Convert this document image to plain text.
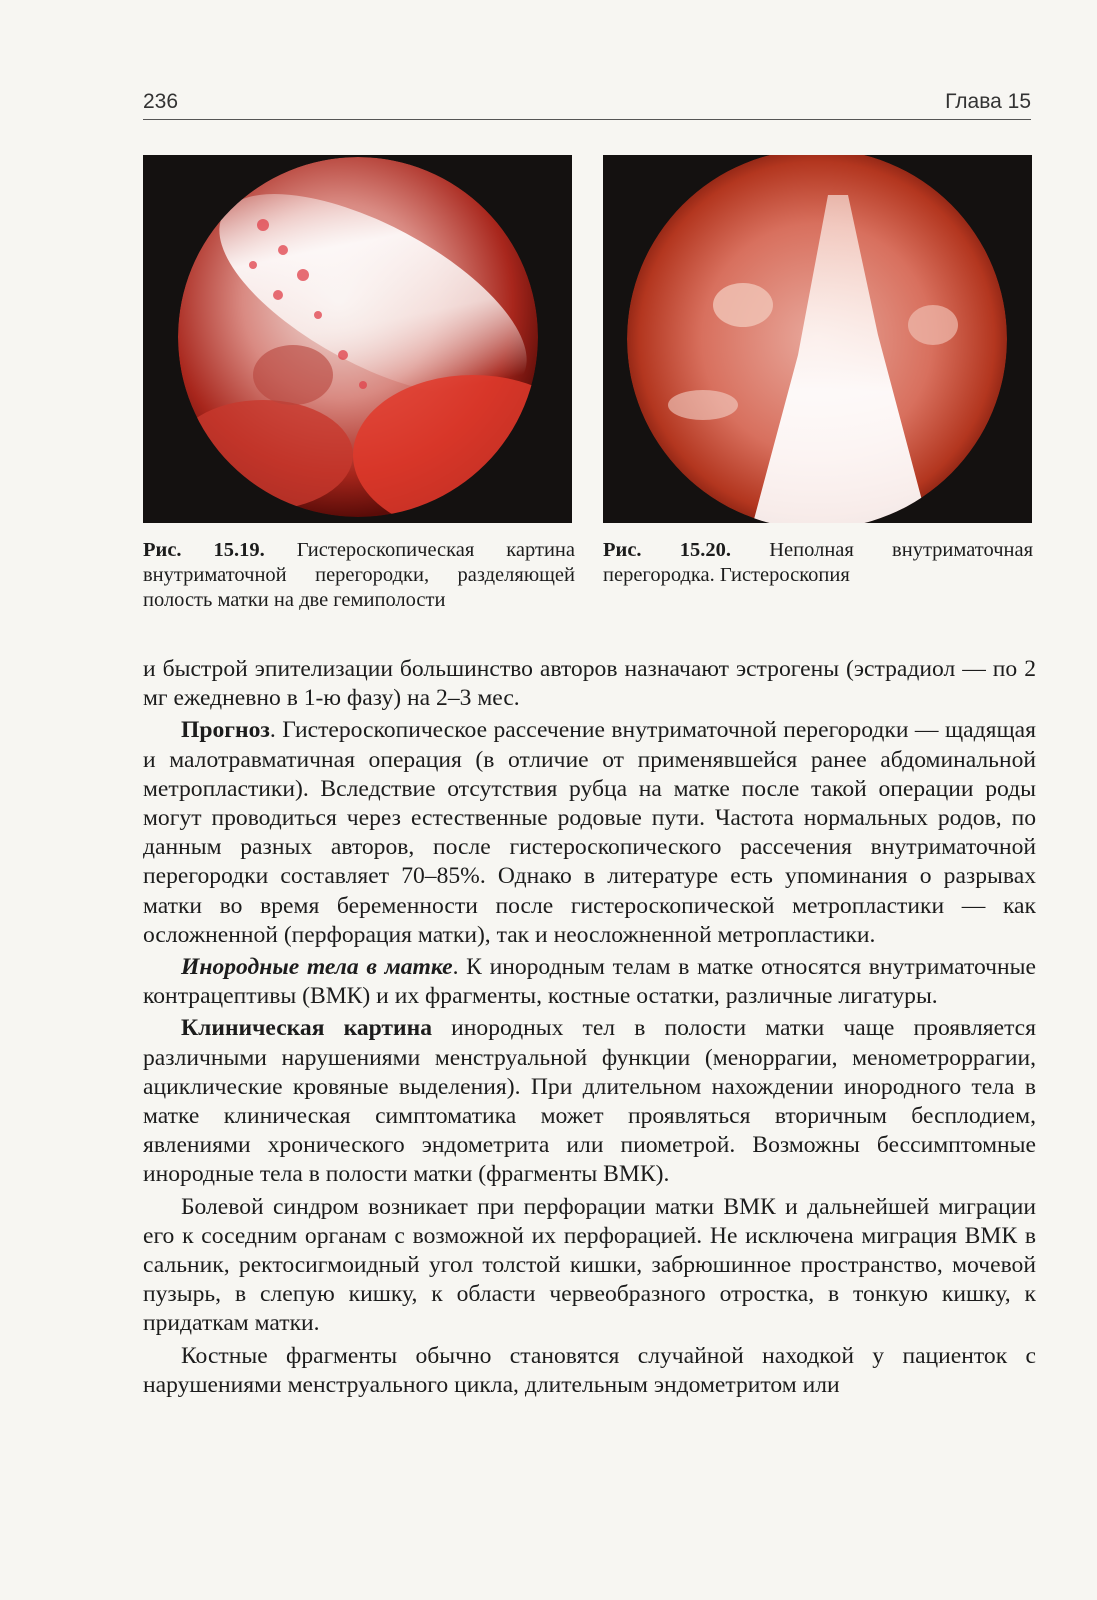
236	Глава 15
Рис. 15.19. Гистероскопическая картина внутриматочной перегородки, разделяющей полость матки на две гемиполости
Рис. 15.20. Неполная внутриматочная перегородка. Гистероскопия

и быстрой эпителизации большинство авторов назначают эстрогены (эстрадиол — по 2 мг ежедневно в 1-ю фазу) на 2–3 мес.

Прогноз. Гистероскопическое рассечение внутриматочной перегородки — щадящая и малотравматичная операция (в отличие от применявшейся ранее абдоминальной метропластики). Вследствие отсутствия рубца на матке после такой операции роды могут проводиться через естественные родовые пути. Частота нормальных родов, по данным разных авторов, после гистероскопического рассечения внутриматочной перегородки составляет 70–85%. Однако в литературе есть упоминания о разрывах матки во время беременности после гистероскопической метропластики — как осложненной (перфорация матки), так и неосложненной метропластики.

Инородные тела в матке. К инородным телам в матке относятся внутриматочные контрацептивы (ВМК) и их фрагменты, костные остатки, различные лигатуры.

Клиническая картина инородных тел в полости матки чаще проявляется различными нарушениями менструальной функции (меноррагии, менометроррагии, ациклические кровяные выделения). При длительном нахождении инородного тела в матке клиническая симптоматика может проявляться вторичным бесплодием, явлениями хронического эндометрита или пиометрой. Возможны бессимптомные инородные тела в полости матки (фрагменты ВМК).

Болевой синдром возникает при перфорации матки ВМК и дальнейшей миграции его к соседним органам с возможной их перфорацией. Не исключена миграция ВМК в сальник, ректосигмоидный угол толстой кишки, забрюшинное пространство, мочевой пузырь, в слепую кишку, к области червеобразного отростка, в тонкую кишку, к придаткам матки.

Костные фрагменты обычно становятся случайной находкой у пациенток с нарушениями менструального цикла, длительным эндометритом или
